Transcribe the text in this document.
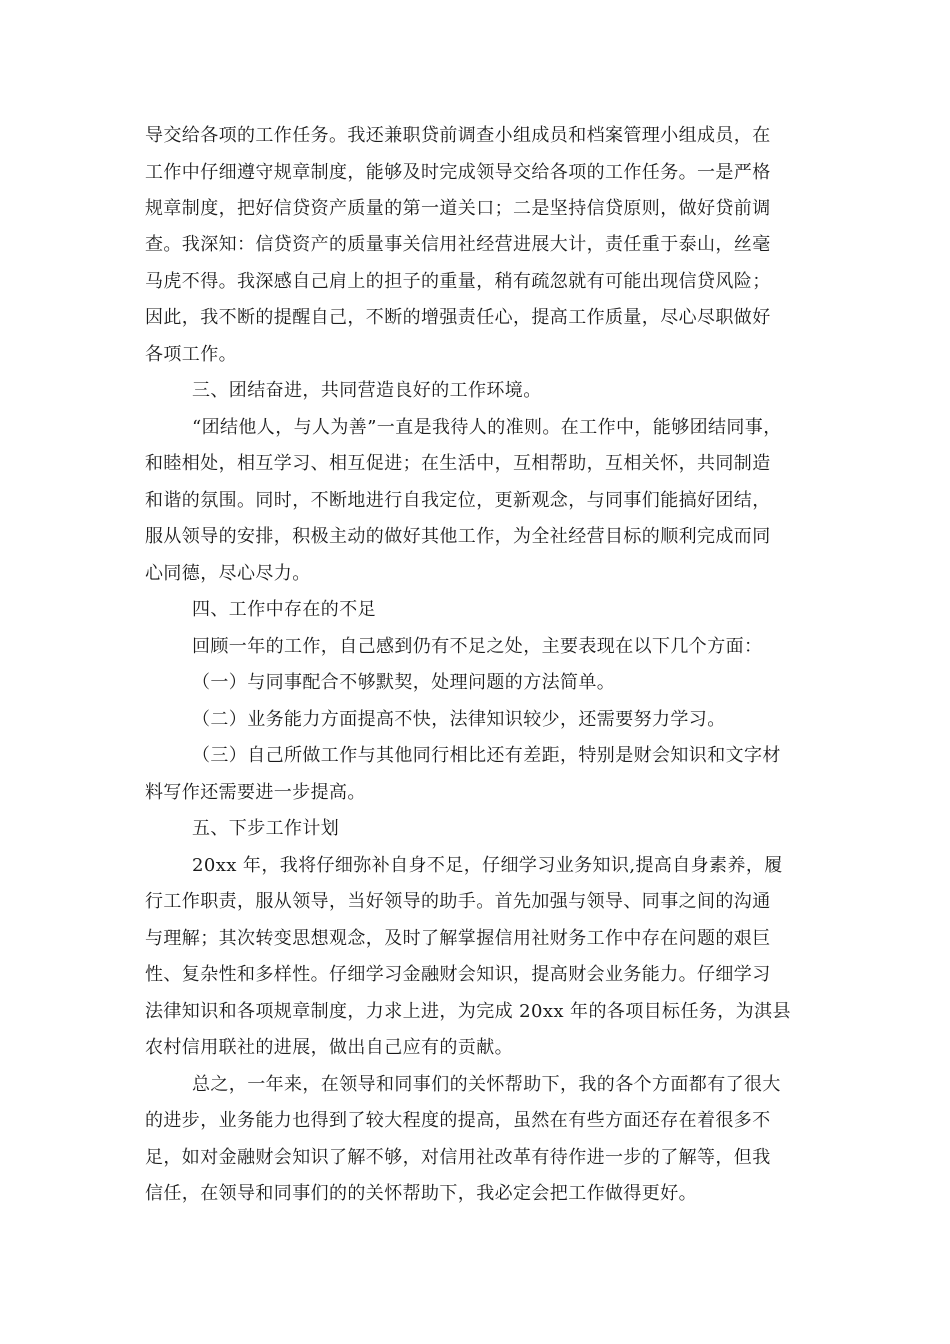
导交给各项的工作任务。我还兼职贷前调查小组成员和档案管理小组成员，在
工作中仔细遵守规章制度，能够及时完成领导交给各项的工作任务。一是严格
规章制度，把好信贷资产质量的第一道关口；二是坚持信贷原则，做好贷前调
查。我深知：信贷资产的质量事关信用社经营进展大计，责任重于泰山，丝毫
马虎不得。我深感自己肩上的担子的重量，稍有疏忽就有可能出现信贷风险；
因此，我不断的提醒自己，不断的增强责任心，提高工作质量，尽心尽职做好
各项工作。
三、团结奋进，共同营造良好的工作环境。
“团结他人，与人为善”一直是我待人的准则。在工作中，能够团结同事，
和睦相处，相互学习、相互促进；在生活中，互相帮助，互相关怀，共同制造
和谐的氛围。同时，不断地进行自我定位，更新观念，与同事们能搞好团结，
服从领导的安排，积极主动的做好其他工作，为全社经营目标的顺利完成而同
心同德，尽心尽力。
四、工作中存在的不足
回顾一年的工作，自己感到仍有不足之处，主要表现在以下几个方面：
（一）与同事配合不够默契，处理问题的方法简单。
（二）业务能力方面提高不快，法律知识较少，还需要努力学习。
（三）自己所做工作与其他同行相比还有差距，特别是财会知识和文字材
料写作还需要进一步提高。
五、下步工作计划
20xx 年，我将仔细弥补自身不足，仔细学习业务知识,提高自身素养，履
行工作职责，服从领导，当好领导的助手。首先加强与领导、同事之间的沟通
与理解；其次转变思想观念，及时了解掌握信用社财务工作中存在问题的艰巨
性、复杂性和多样性。仔细学习金融财会知识，提高财会业务能力。仔细学习
法律知识和各项规章制度，力求上进，为完成 20xx 年的各项目标任务，为淇县
农村信用联社的进展，做出自己应有的贡献。
总之，一年来，在领导和同事们的关怀帮助下，我的各个方面都有了很大
的进步，业务能力也得到了较大程度的提高，虽然在有些方面还存在着很多不
足，如对金融财会知识了解不够，对信用社改革有待作进一步的了解等，但我
信任，在领导和同事们的的关怀帮助下，我必定会把工作做得更好。
